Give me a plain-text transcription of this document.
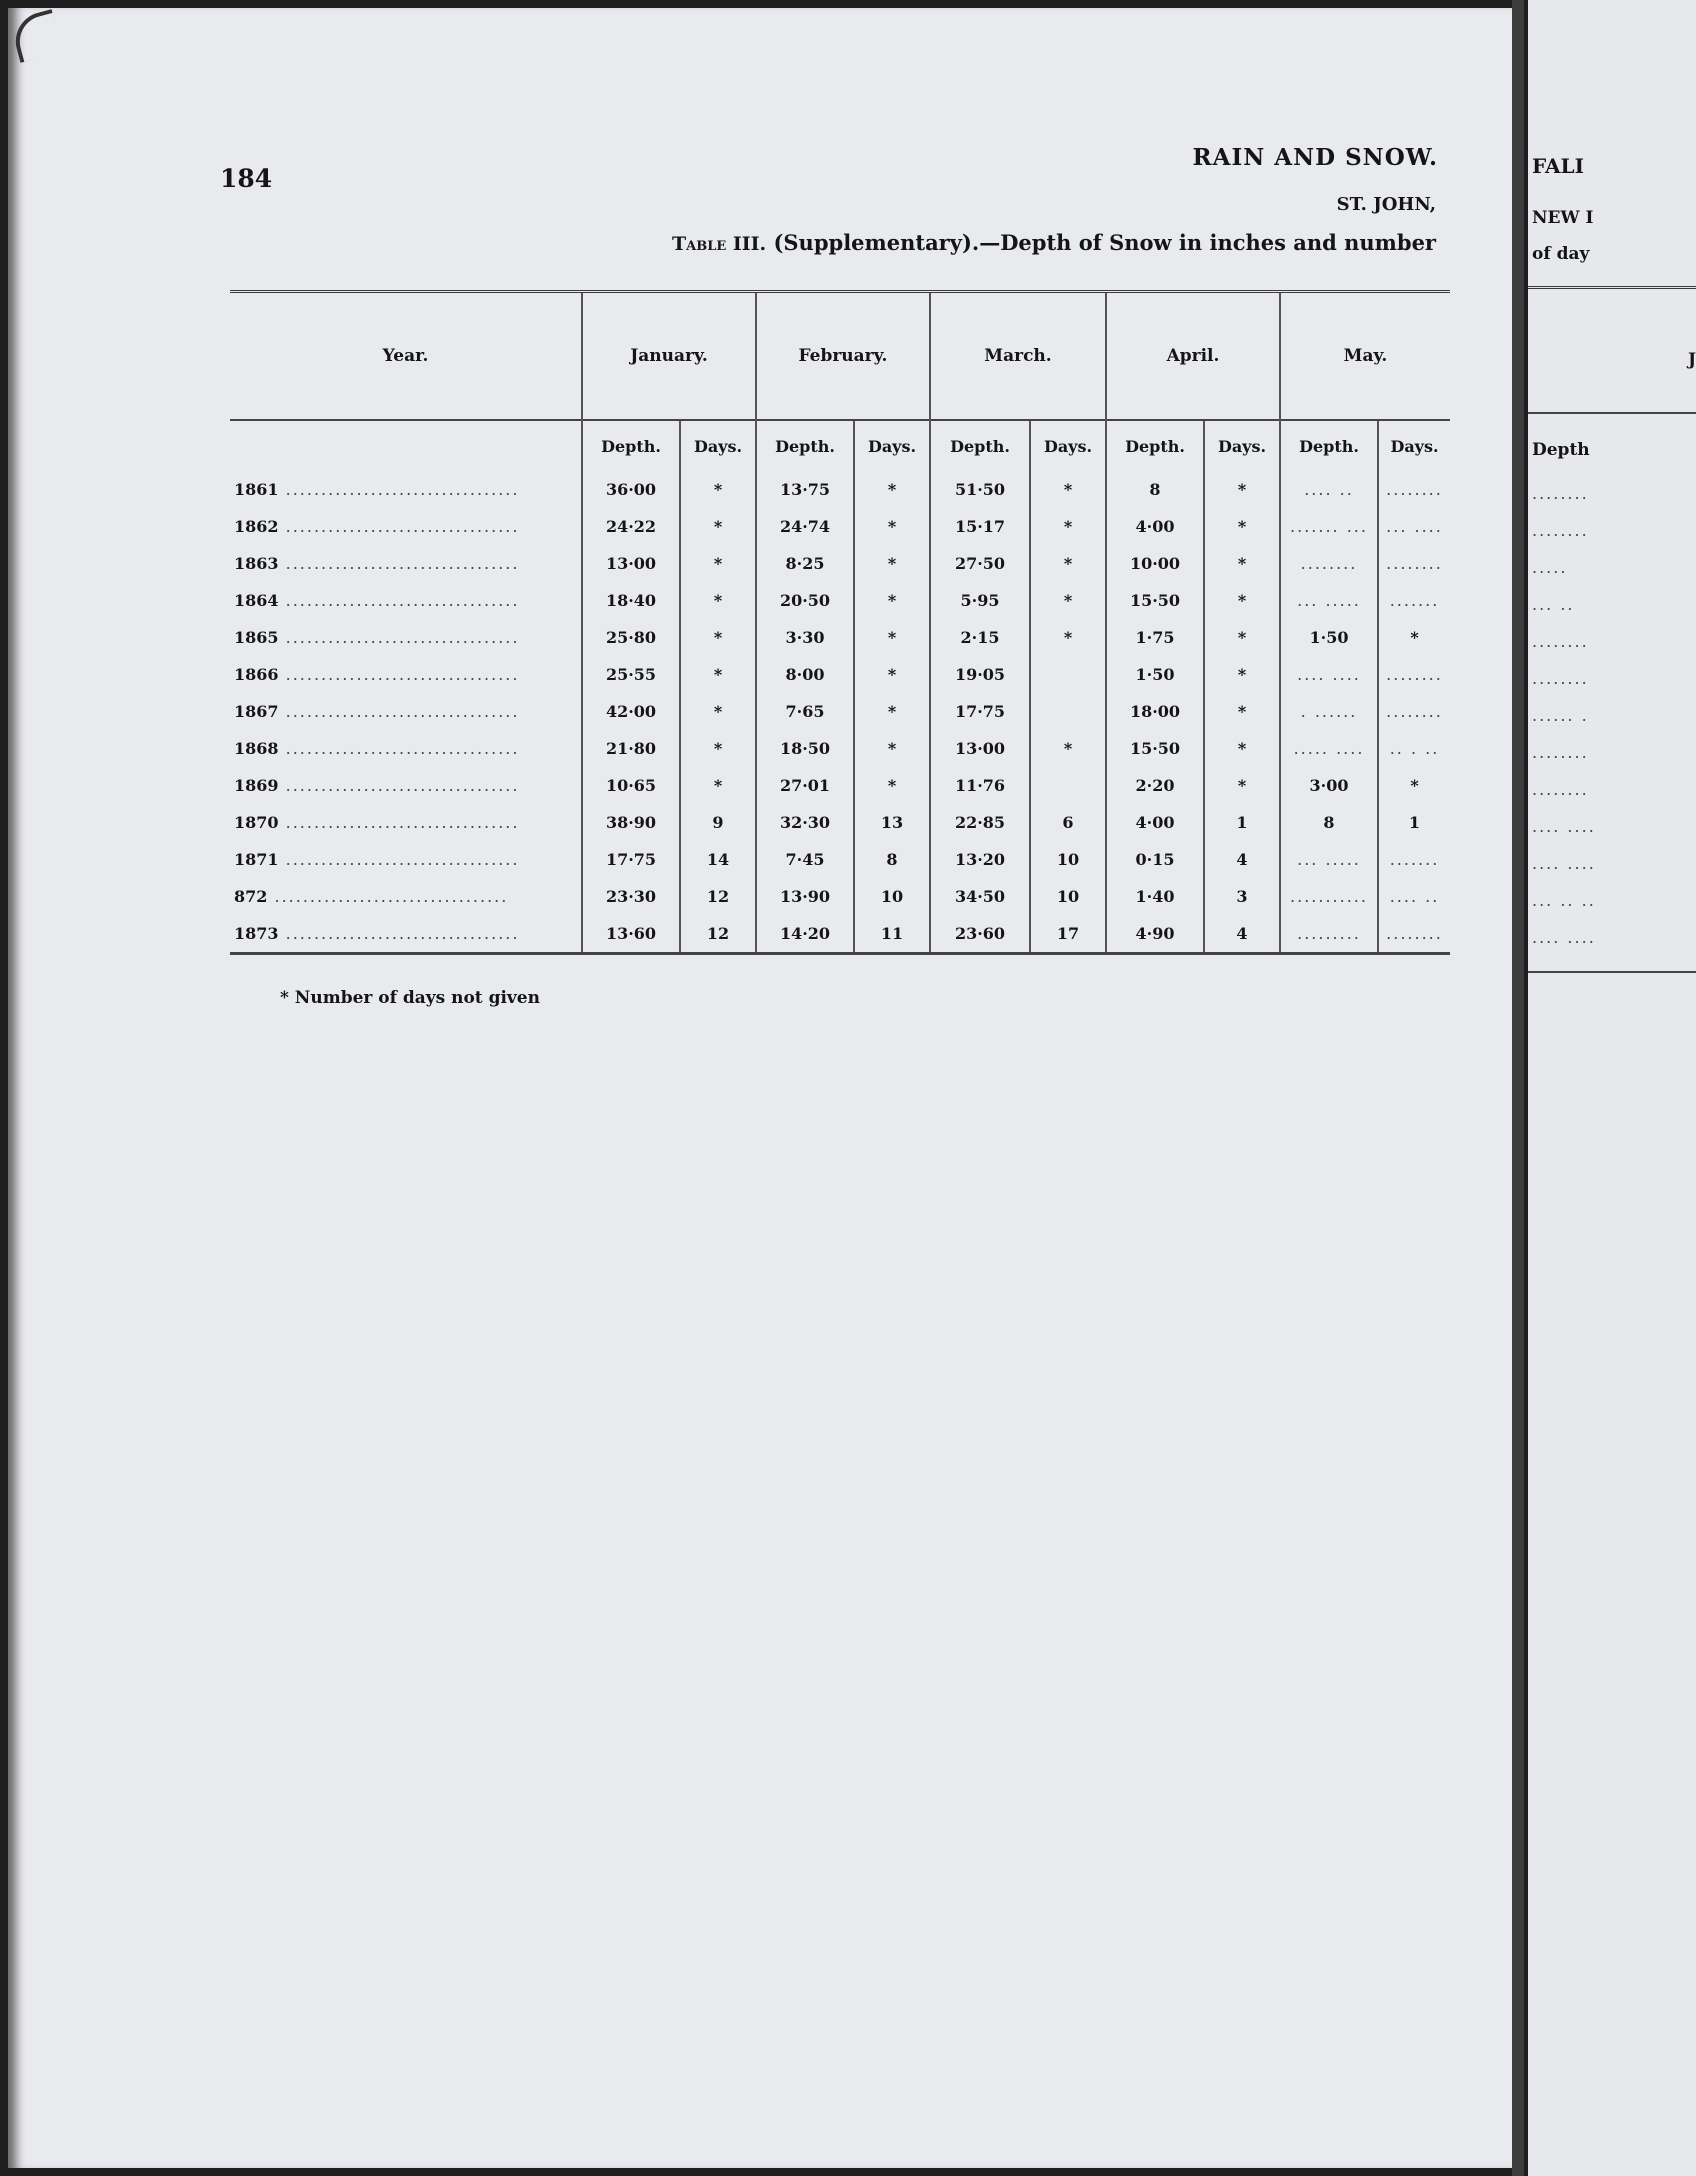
184
RAIN AND SNOW.
ST. JOHN,
Table III. (Supplementary).—Depth of Snow in inches and number
Year.	January.		February.		March.		April.		May.	
	Depth.	Days.	Depth.	Days.	Depth.	Days.	Depth.	Days.	Depth.	Days.
1861 .................................	36·00	*	13·75	*	51·50	*	8	*	.... ..	........
1862 .................................	24·22	*	24·74	*	15·17	*	4·00	*	....... ...	... ....
1863 .................................	13·00	*	8·25	*	27·50	*	10·00	*	........	........
1864 .................................	18·40	*	20·50	*	5·95	*	15·50	*	... .....	.......
1865 .................................	25·80	*	3·30	*	2·15	*	1·75	*	1·50	*
1866 .................................	25·55	*	8·00	*	19·05		1·50	*	.... ....	........
1867 .................................	42·00	*	7·65	*	17·75		18·00	*	. ......	........
1868 .................................	21·80	*	18·50	*	13·00	*	15·50	*	..... ....	.. . ..
1869 .................................	10·65	*	27·01	*	11·76		2·20	*	3·00	*
1870 .................................	38·90	9	32·30	13	22·85	6	4·00	1	8	1
1871 .................................	17·75	14	7·45	8	13·20	10	0·15	4	... .....	.......
872 .................................	23·30	12	13·90	10	34·50	10	1·40	3	...........	.... ..
1873 .................................	13·60	12	14·20	11	23·60	17	4·90	4	.........	........
* Number of days not given
FALI
NEW I
of day
J
Depth
........
........
.....
... ..
........
........
...... .
........
........
.... ....
.... ....
... .. ..
.... ....
